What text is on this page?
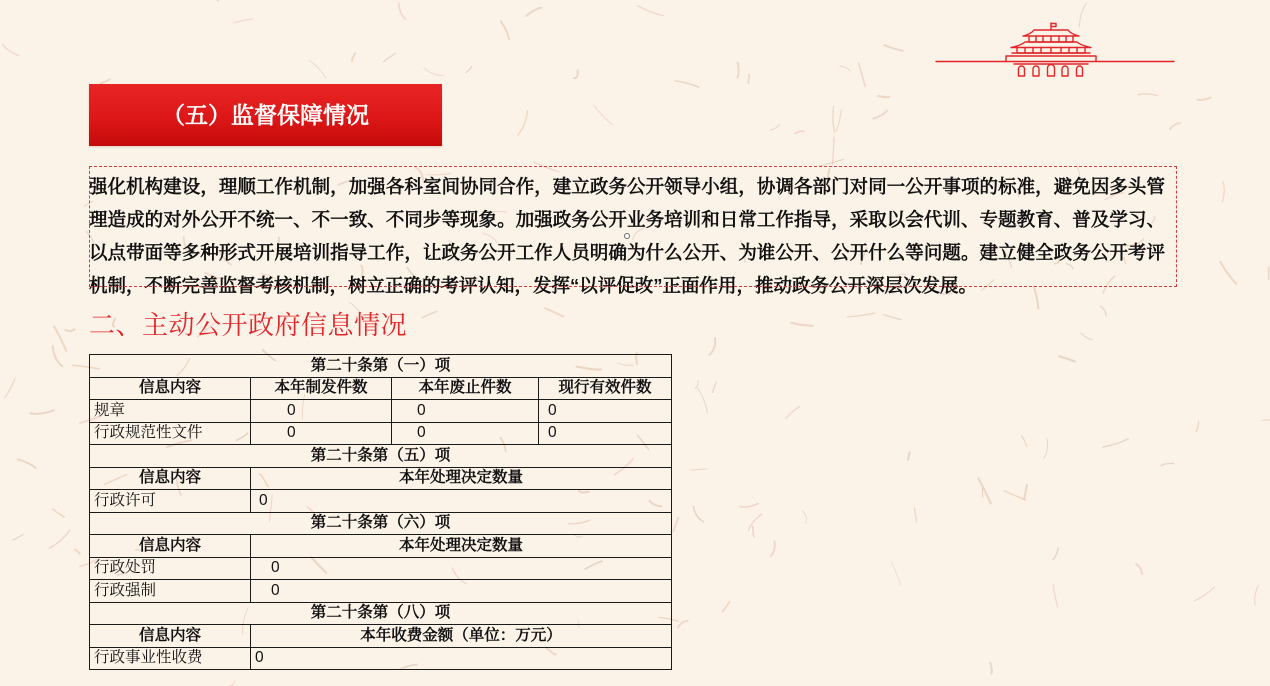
（五）监督保障情况
强化机构建设，理顺工作机制，加强各科室间协同合作，建立政务公开领导小组，协调各部门对同一公开事项的标准，避免因多头管
理造成的对外公开不统一、不一致、不同步等现象。加强政务公开业务培训和日常工作指导，采取以会代训、专题教育、普及学习、
以点带面等多种形式开展培训指导工作，让政务公开工作人员明确为什么公开、为谁公开、公开什么等问题。建立健全政务公开考评
机制，不断完善监督考核机制，树立正确的考评认知，发挥“以评促改”正面作用，推动政务公开深层次发展。
二、主动公开政府信息情况
第二十条第（一）项			
信息内容	本年制发件数	本年废止件数	现行有效件数
规章	0	0	0
行政规范性文件	0	0	0
第二十条第（五）项			
信息内容	本年处理决定数量		
行政许可	0		
第二十条第（六）项			
信息内容	本年处理决定数量		
行政处罚	0		
行政强制	0		
第二十条第（八）项			
信息内容	本年收费金额（单位：万元）		
行政事业性收费	0		
